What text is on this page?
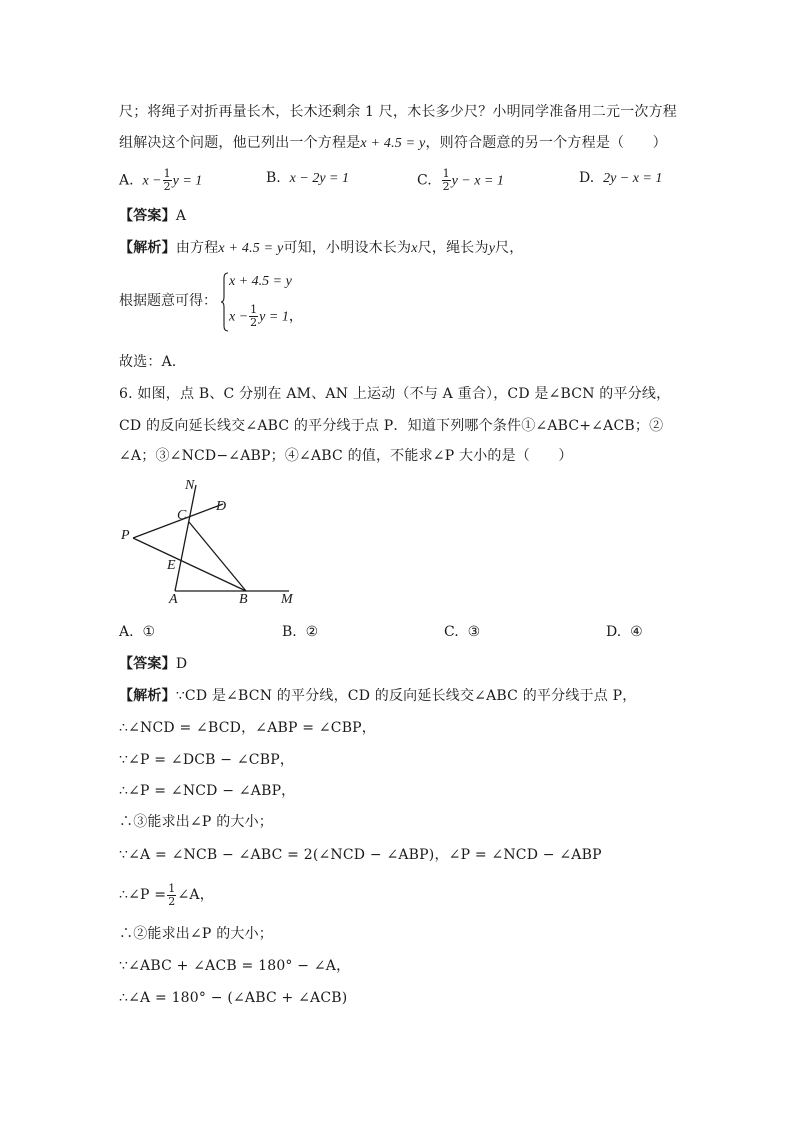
尺；将绳子对折再量长木，长木还剩余 1 尺，木长多少尺？小明同学准备用二元一次方程
组解决这个问题，他已列出一个方程是x + 4.5 = y，则符合题意的另一个方程是（　　）
A. $x - \frac{1}{2}$ y = 1	B. x − 2y = 1	C. $\frac{1}{2}$ y − x = 1	D. 2y − x = 1
【答案】A
【解析】由方程x + 4.5 = y可知，小明设木长为x尺，绳长为y尺，
根据题意可得：
x + 4.5 = y
$x - \frac{1}{2}$ y = 1，
故选：A．
6. 如图，点 B、C 分别在 AM、AN 上运动（不与 A 重合），CD 是∠BCN 的平分线，
CD 的反向延长线交∠ABC 的平分线于点 P．知道下列哪个条件①∠ABC+∠ACB；②
∠A；③∠NCD−∠ABP；④∠ABC 的值，不能求∠P 大小的是（　　）
N
D
C
P
E
A	B M
A. ①	B. ②	C. ③	D. ④
【答案】D
【解析】∵CD 是∠BCN 的平分线，CD 的反向延长线交∠ABC 的平分线于点 P，
∴∠NCD = ∠BCD，∠ABP = ∠CBP，
∵∠P = ∠DCB − ∠CBP，
∴∠P = ∠NCD − ∠ABP，
∴③能求出∠P 的大小；
∵∠A = ∠NCB − ∠ABC = 2(∠NCD − ∠ABP)，∠P = ∠NCD − ∠ABP
∴∠P = $\frac{1}{2}$ ∠A，
∴②能求出∠P 的大小；
∵∠ABC + ∠ACB = 180° − ∠A，
∴∠A = 180° − (∠ABC + ∠ACB)
